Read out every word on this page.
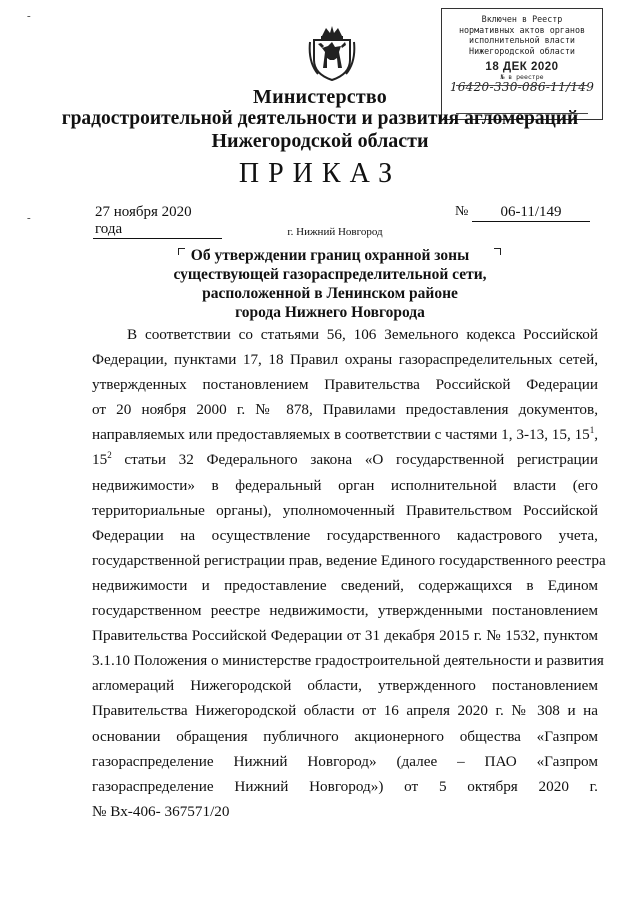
Включен в Реестр
нормативных актов органов
исполнительной власти
Нижегородской области
18 ДЕК 2020
№ в реестре
16420-330-086-11/149
Министерство
градостроительной деятельности и развития агломераций
Нижегородской области
ПРИКАЗ
27 ноября 2020 года
№	06-11/149
г. Нижний Новгород
Об утверждении границ охранной зоны
существующей газораспределительной сети,
расположенной в Ленинском районе
города Нижнего Новгорода
В соответствии со статьями 56, 106 Земельного кодекса Российской
Федерации, пунктами 17, 18 Правил охраны газораспределительных сетей,
утвержденных постановлением Правительства Российской Федерации
от 20 ноября 2000 г. № 878, Правилами предоставления документов,
направляемых или предоставляемых в соответствии с частями 1, 3-13, 15, $15^1$,
$15^2$ статьи 32 Федерального закона «О государственной регистрации
недвижимости» в федеральный орган исполнительной власти (его
территориальные органы), уполномоченный Правительством Российской
Федерации на осуществление государственного кадастрового учета,
государственной регистрации прав, ведение Единого государственного реестра
недвижимости и предоставление сведений, содержащихся в Едином
государственном реестре недвижимости, утвержденными постановлением
Правительства Российской Федерации от 31 декабря 2015 г. № 1532, пунктом
3.1.10 Положения о министерстве градостроительной деятельности и развития
агломераций Нижегородской области, утвержденного постановлением
Правительства Нижегородской области от 16 апреля 2020 г. № 308 и на
основании обращения публичного акционерного общества «Газпром
газораспределение Нижний Новгород» (далее – ПАО «Газпром
газораспределение Нижний Новгород») от 5 октября 2020 г.
№ Вх-406- 367571/20
-
-
